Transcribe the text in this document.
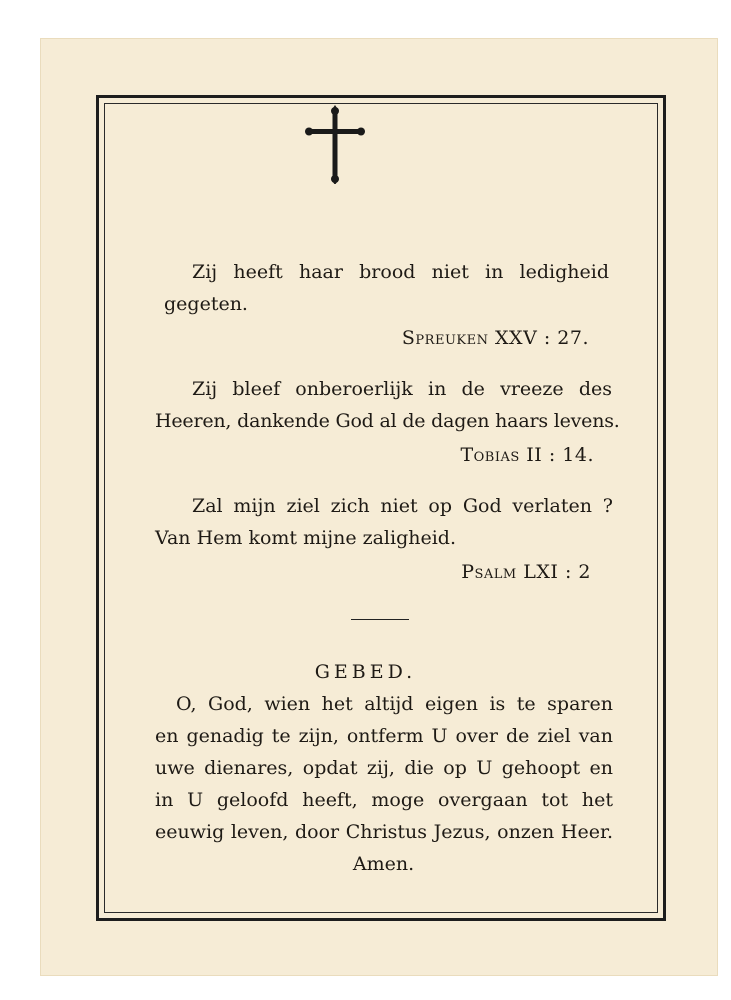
Zij heeft haar brood niet in ledigheid
gegeten.
Spreuken XXV : 27.
Zij bleef onberoerlijk in de vreeze des
Heeren, dankende God al de dagen haars levens.
Tobias II : 14.
Zal mijn ziel zich niet op God verlaten ?
Van Hem komt mijne zaligheid.
Psalm LXI : 2
GEBED.
O, God, wien het altijd eigen is te sparen
en genadig te zijn, ontferm U over de ziel van
uwe dienares, opdat zij, die op U gehoopt en
in U geloofd heeft, moge overgaan tot het
eeuwig leven, door Christus Jezus, onzen Heer.
Amen.
